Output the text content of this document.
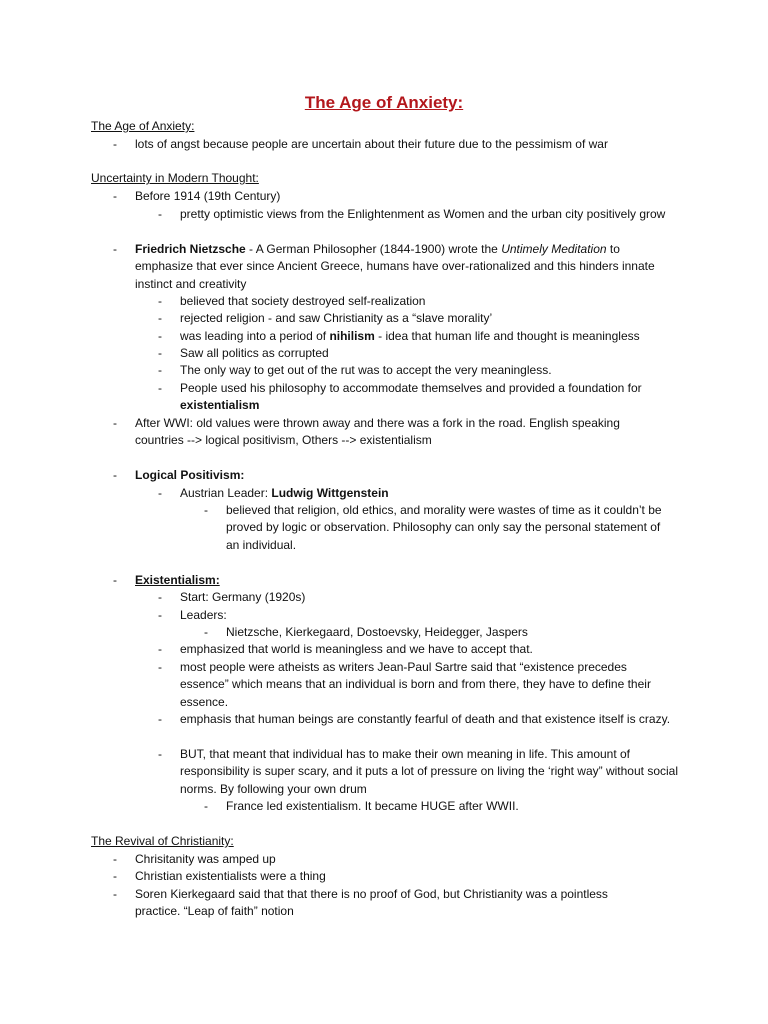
The Age of Anxiety:
The Age of Anxiety:
- lots of angst because people are uncertain about their future due to the pessimism of war
Uncertainty in Modern Thought:
- Before 1914 (19th Century)
- pretty optimistic views from the Enlightenment as Women and the urban city positively grow
- Friedrich Nietzsche - A German Philosopher (1844-1900) wrote the Untimely Meditation to emphasize that ever since Ancient Greece, humans have over-rationalized and this hinders innate instinct and creativity
- believed that society destroyed self-realization
- rejected religion - and saw Christianity as a “slave morality’
- was leading into a period of nihilism - idea that human life and thought is meaningless
- Saw all politics as corrupted
- The only way to get out of the rut was to accept the very meaningless.
- People used his philosophy to accommodate themselves and provided a foundation for existentialism
- After WWI: old values were thrown away and there was a fork in the road. English speaking countries --> logical positivism, Others --> existentialism
- Logical Positivism:
- Austrian Leader: Ludwig Wittgenstein
- believed that religion, old ethics, and morality were wastes of time as it couldn’t be proved by logic or observation. Philosophy can only say the personal statement of an individual.
- Existentialism:
- Start: Germany (1920s)
- Leaders:
- Nietzsche, Kierkegaard, Dostoevsky, Heidegger, Jaspers
- emphasized that world is meaningless and we have to accept that.
- most people were atheists as writers Jean-Paul Sartre said that “existence precedes essence” which means that an individual is born and from there, they have to define their essence.
- emphasis that human beings are constantly fearful of death and that existence itself is crazy.
- BUT, that meant that individual has to make their own meaning in life. This amount of responsibility is super scary, and it puts a lot of pressure on living the ‘right way” without social norms. By following your own drum
- France led existentialism. It became HUGE after WWII.
The Revival of Christianity:
- Chrisitanity was amped up
- Christian existentialists were a thing
- Soren Kierkegaard said that that there is no proof of God, but Christianity was a pointless practice. “Leap of faith” notion
